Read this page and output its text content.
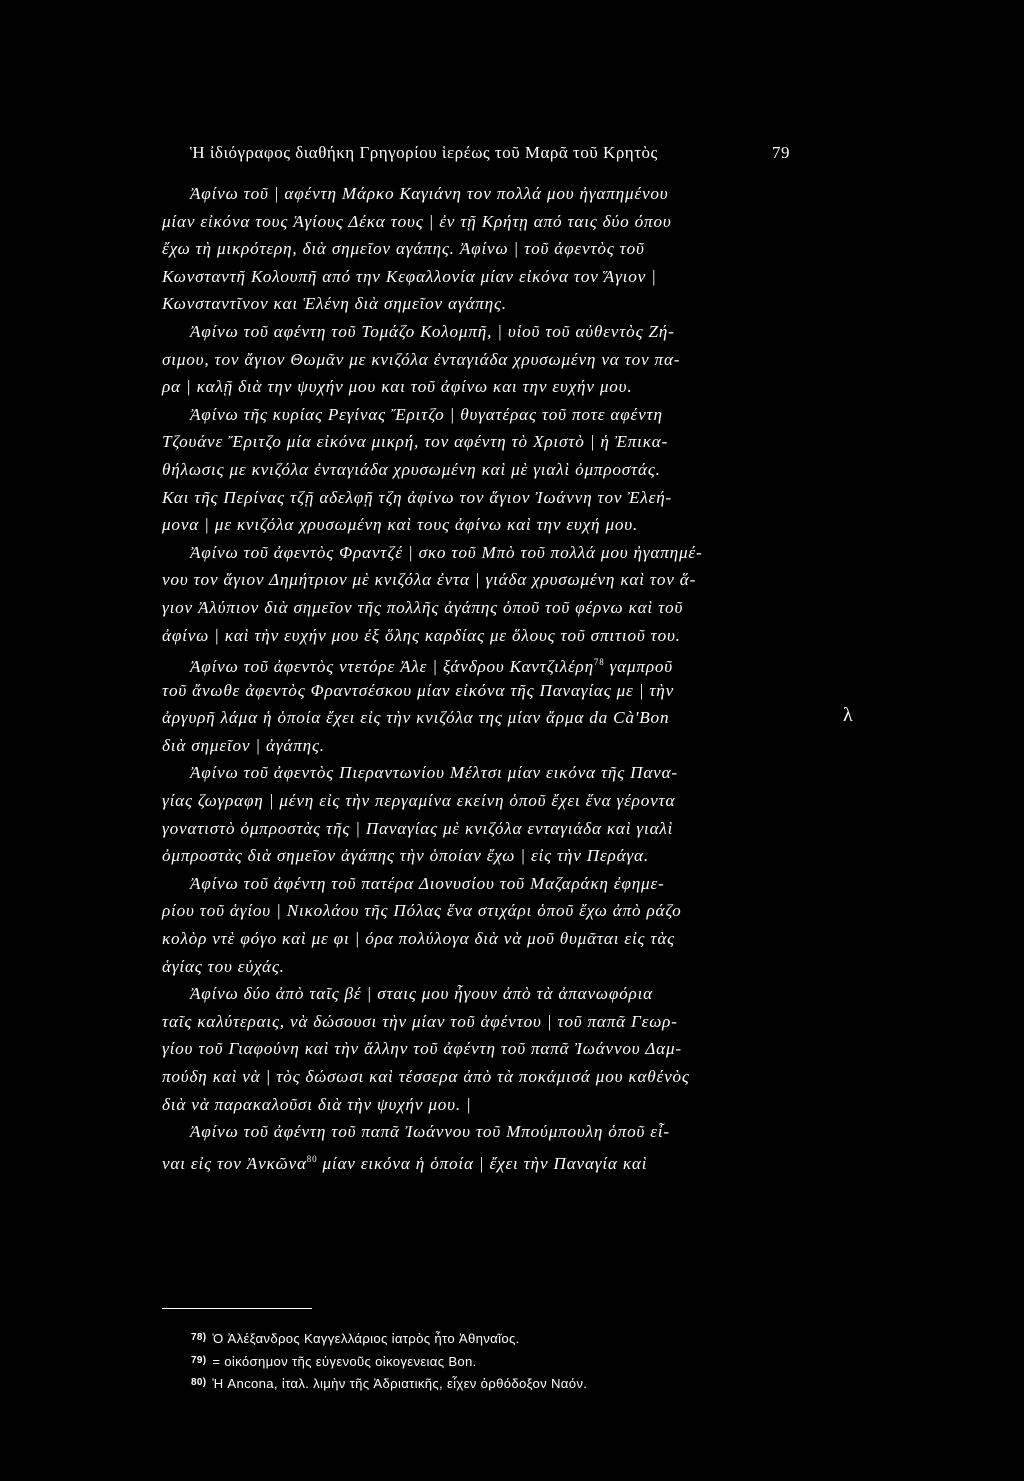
Ἡ ἰδιόγραφος διαθήκη Γρηγορίου ἱερέως τοῦ Μαρᾶ τοῦ Κρητὸς	79
Ἀφίνω τοῦ | αφέντη Μάρκο Καγιάνη τον πολλά μου ἠγαπημένου
μίαν εἰκόνα τους Ἁγίους Δέκα τους | ἐν τῇ Κρήτῃ από ταις δύο όπου
ἔχω τὴ μικρότερη, διὰ σημεῖον αγάπης. Ἀφίνω | τοῦ ἀφεντὸς τοῦ
Κωνσταντῆ Κολουπῆ από την Κεφαλλονία μίαν εἰκόνα τον Ἅγιον |
Κωνσταντῖνον και Ἑλένη διὰ σημεῖον αγάπης.
Ἀφίνω τοῦ αφέντη τοῦ Τομάζο Κολομπῆ, | υἱοῦ τοῦ αὐθεντὸς Ζή-
σιμου, τον ἄγιον Θωμᾶν με κνιζόλα ἐνταγιάδα χρυσωμένη να τον πα-
ρα | καλῇ διὰ την ψυχήν μου και τοῦ ἀφίνω και την ευχήν μου.
Ἀφίνω τῆς κυρίας Ρεγίνας Ἔριτζο | θυγατέρας τοῦ ποτε αφέντη
Τζουάνε Ἔριτζο μία εἰκόνα μικρή, τον αφέντη τὸ Χριστὸ | ἡ Ἐπικα-
θήλωσις με κνιζόλα ἐνταγιάδα χρυσωμένη καὶ μὲ γιαλὶ ὀμπροστάς.
Και τῆς Περίνας τζῇ αδελφῇ τζη ἀφίνω τον ἅγιον Ἰωάννη τον Ἐλεή-
μονα | με κνιζόλα χρυσωμένη καὶ τους ἀφίνω καὶ την ευχή μου.
Ἀφίνω τοῦ ἀφεντὸς Φραντζέ | σκο τοῦ Μπὸ τοῦ πολλά μου ἠγαπημέ-
νου τον ἅγιον Δημήτριον μὲ κνιζόλα ἐντα | γιάδα χρυσωμένη καὶ τον ἅ-
γιον Ἀλύπιον διὰ σημεῖον τῆς πολλῆς ἀγάπης ὁποῦ τοῦ φέρνω καὶ τοῦ
ἀφίνω | καὶ τὴν ευχήν μου ἐξ ὅλης καρδίας με ὅλους τοῦ σπιτιοῦ του.
Ἀφίνω τοῦ ἀφεντὸς ντετόρε Ἀλε | ξάνδρου Καντζιλέρη$^{78}$ γαμπροῦ
τοῦ ἄνωθε ἀφεντὸς Φραντσέσκου μίαν εἰκόνα τῆς Παναγίας με | τὴν
ἀργυρῆ λάμα ἡ ὁποία ἔχει εἰς τὴν κνιζόλα της μίαν ἄρμα da Cà'Bon
διὰ σημεῖον | ἀγάπης.
Ἀφίνω τοῦ ἀφεντὸς Πιεραντωνίου Μέλτσι μίαν εικόνα τῆς Πανα-
γίας ζωγραφη | μένη εἰς τὴν περγαμίνα εκείνη ὁποῦ ἔχει ἕνα γέροντα
γονατιστὸ ὀμπροστὰς τῆς | Παναγίας μὲ κνιζόλα ενταγιάδα καὶ γιαλὶ
ὀμπροστὰς διὰ σημεῖον ἀγάπης τὴν ὁποίαν ἔχω | εἰς τὴν Περάγα.
Ἀφίνω τοῦ ἀφέντη τοῦ πατέρα Διονυσίου τοῦ Μαζαράκη ἐφημε-
ρίου τοῦ ἁγίου | Νικολάου τῆς Πόλας ἕνα στιχάρι ὁποῦ ἔχω ἀπὸ ράζο
κολὸρ ντὲ φόγο καὶ με φι | όρα πολύλογα διὰ νὰ μοῦ θυμᾶται εἰς τὰς
ἁγίας του εὐχάς.
Ἀφίνω δύο ἀπὸ ταῖς βέ | σταις μου ἦγουν ἀπὸ τὰ ἀπανωφόρια
ταῖς καλύτεραις, νὰ δώσουσι τὴν μίαν τοῦ ἀφέντου | τοῦ παπᾶ Γεωρ-
γίου τοῦ Γιαφούνη καὶ τὴν ἄλλην τοῦ ἀφέντη τοῦ παπᾶ Ἰωάννου Δαμ-
πούδη καὶ νὰ | τὸς δώσωσι καὶ τέσσερα ἀπὸ τὰ ποκάμισά μου καθένὸς
διὰ νὰ παρακαλοῦσι διὰ τὴν ψυχήν μου. |
Ἀφίνω τοῦ ἀφέντη τοῦ παπᾶ Ἰωάννου τοῦ Μπούμπουλη ὁποῦ εἶ-
ναι εἰς τον Ἀνκῶνα$^{80}$ μίαν εικόνα ἡ ὁποία | ἔχει τὴν Παναγία καὶ
λ
$^{78)}$ Ὁ Ἀλέξανδρος Καγγελλάριος ἰατρὸς ἦτο Ἀθηναῖος.
$^{79)}$ = οἰκόσημον τῆς εὐγενοῦς οἰκογενειας Bon.
$^{80)}$ Ἡ Ancona, ἰταλ. λιμὴν τῆς Ἀδριατικῆς, εἶχεν ὀρθόδοξον Ναόν.
